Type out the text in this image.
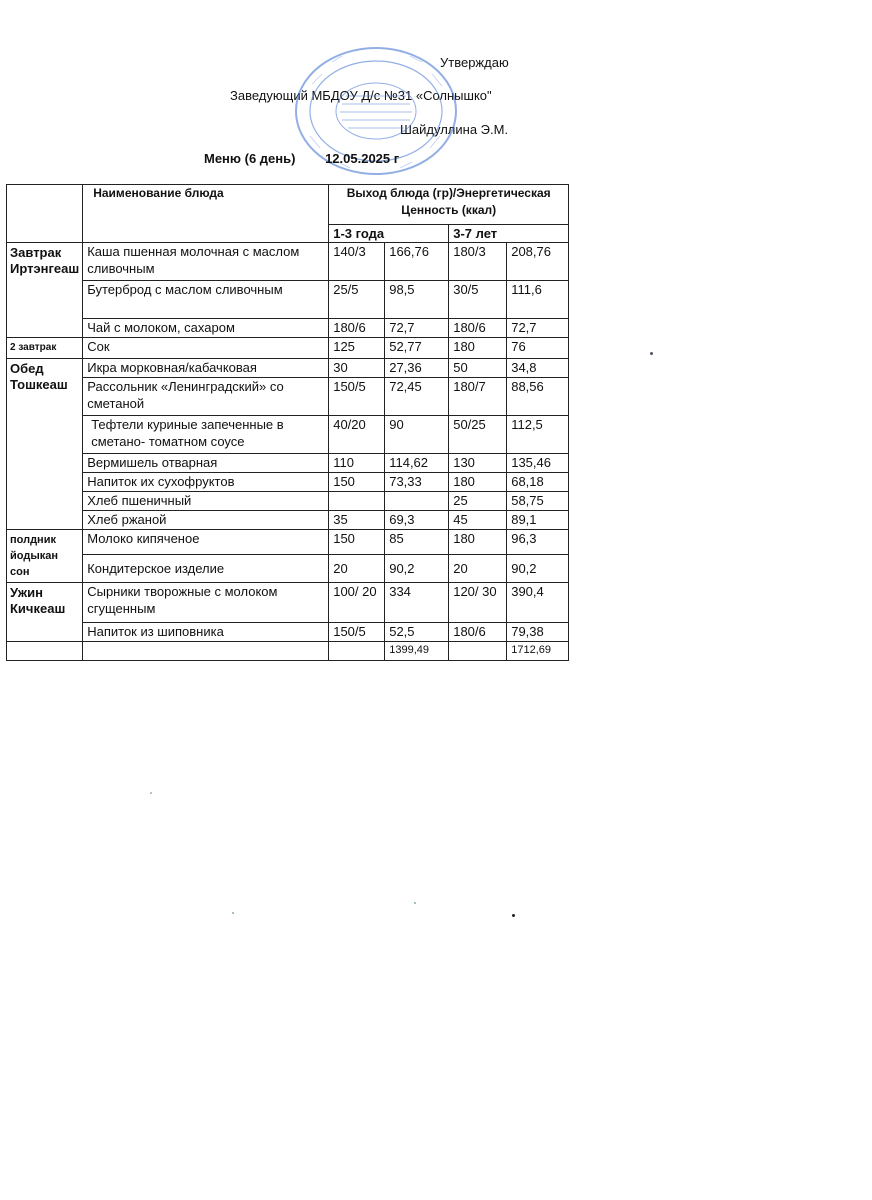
Утверждаю
Заведующий МБДОУ Д/с №31 «Солнышко"
Шайдуллина Э.М.
Меню (6 день) 12.05.2025 г
	Наименование блюда	Выход блюда (гр)/Энергетическая Ценность (ккал)			
		1-3 года		3-7 лет	
Завтрак Иртэнгеаш	Каша пшенная молочная с маслом сливочным	140/3	166,76	180/3	208,76
	Бутерброд с маслом сливочным	25/5	98,5	30/5	111,6
	Чай с молоком, сахаром	180/6	72,7	180/6	72,7
2 завтрак	Сок	125	52,77	180	76
Обед Тошкеаш	Икра морковная/кабачковая	30	27,36	50	34,8
	Рассольник «Ленинградский» со сметаной	150/5	72,45	180/7	88,56
	Тефтели куриные запеченные в сметано- томатном соусе	40/20	90	50/25	112,5
	Вермишель отварная	110	114,62	130	135,46
	Напиток их сухофруктов	150	73,33	180	68,18
	Хлеб пшеничный			25	58,75
	Хлеб ржаной	35	69,3	45	89,1
полдник йодыкан сон	Молоко кипяченое	150	85	180	96,3
	Кондитерское изделие	20	90,2	20	90,2
Ужин Кичкеаш	Сырники творожные с молоком сгущенным	100/ 20	334	120/ 30	390,4
	Напиток из шиповника	150/5	52,5	180/6	79,38
			1399,49		1712,69
